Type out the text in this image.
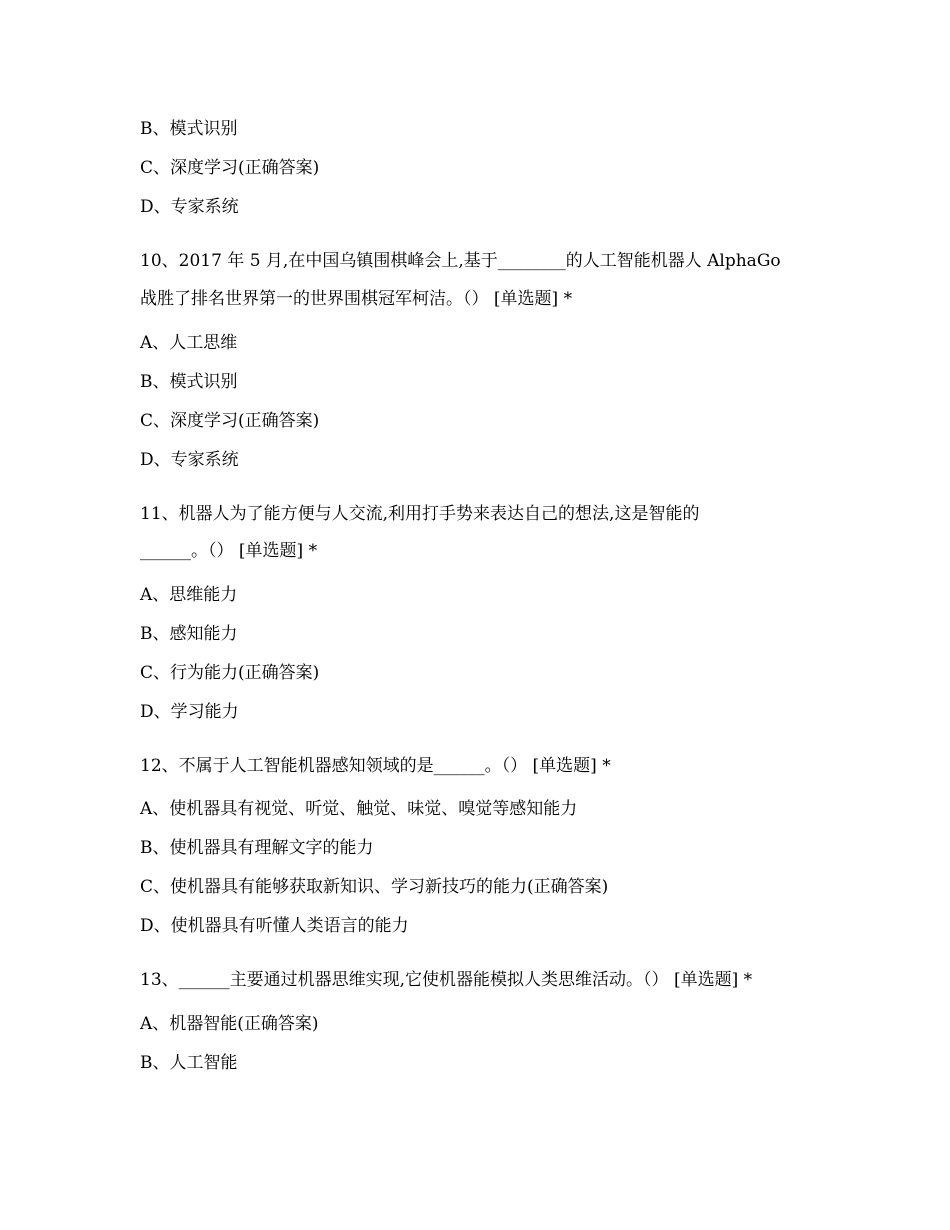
B、模式识别
C、深度学习(正确答案)
D、专家系统
10、2017 年 5 月,在中国乌镇围棋峰会上,基于________的人工智能机器人 AlphaGo
战胜了排名世界第一的世界围棋冠军柯洁。（） [单选题] *
A、人工思维
B、模式识别
C、深度学习(正确答案)
D、专家系统
11、机器人为了能方便与人交流,利用打手势来表达自己的想法,这是智能的
______。（） [单选题] *
A、思维能力
B、感知能力
C、行为能力(正确答案)
D、学习能力
12、不属于人工智能机器感知领域的是______。（） [单选题] *
A、使机器具有视觉、听觉、触觉、味觉、嗅觉等感知能力
B、使机器具有理解文字的能力
C、使机器具有能够获取新知识、学习新技巧的能力(正确答案)
D、使机器具有听懂人类语言的能力
13、______主要通过机器思维实现,它使机器能模拟人类思维活动。（） [单选题] *
A、机器智能(正确答案)
B、人工智能
